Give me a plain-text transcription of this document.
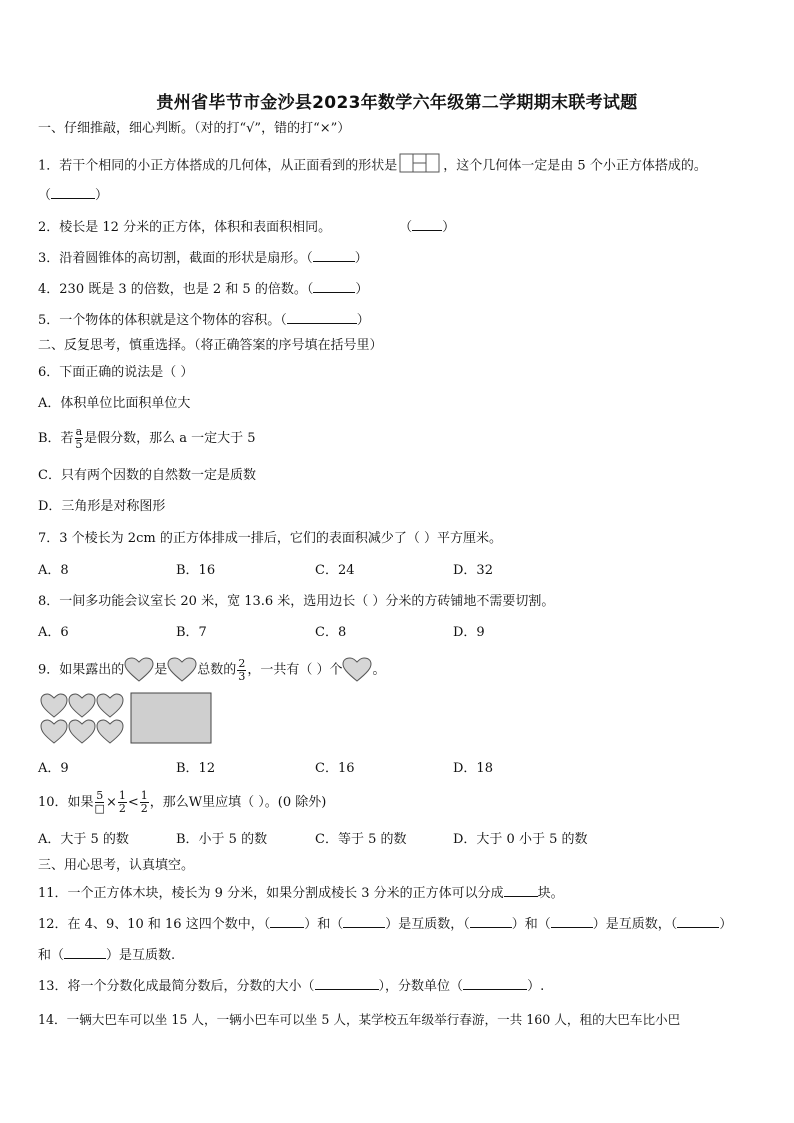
贵州省毕节市金沙县2023年数学六年级第二学期期末联考试题
一、仔细推敲，细心判断。（对的打“√”，错的打“×”）
1．若干个相同的小正方体搭成的几何体，从正面看到的形状是	，这个几何体一定是由 5 个小正方体搭成的。
（	）
2．棱长是 12 分米的正方体，体积和表面积相同。	（ ）
3．沿着圆锥体的高切割，截面的形状是扇形。（	）
4．230 既是 3 的倍数，也是 2 和 5 的倍数。（	）
5．一个物体的体积就是这个物体的容积。（	）
二、反复思考，慎重选择。（将正确答案的序号填在括号里）
6．下面正确的说法是（ ）
A．体积单位比面积单位大
B．若 $\frac{a}{5}$ 是假分数，那么 a 一定大于 5
C．只有两个因数的自然数一定是质数
D．三角形是对称图形
7．3 个棱长为 2cm 的正方体排成一排后，它们的表面积减少了（ ）平方厘米。
A．8	B．16	C．24	D．32
8．一间多功能会议室长 20 米，宽 13.6 米，选用边长（ ）分米的方砖铺地不需要切割。
A．6	B．7	C．8	D．9
9．如果露出的 是 总数的 $\frac{2}{3}$ ，一共有（ ）个 。
A．9	B．12	C．16	D．18
10．如果 $\frac{5}{□} \times \frac{1}{2} < \frac{1}{2}$ ，那么W里应填（ ）。(0 除外)
A．大于 5 的数	B．小于 5 的数	C．等于 5 的数	D．大于 0 小于 5 的数
三、用心思考，认真填空。
11．一个正方体木块，棱长为 9 分米，如果分割成棱长 3 分米的正方体可以分成	块。
12．在 4、9、10 和 16 这四个数中，（	）和（	）是互质数，（	）和（	）是互质数，（	）
和（	）是互质数.
13．将一个分数化成最简分数后，分数的大小（	），分数单位（	）.
14．一辆大巴车可以坐 15 人，一辆小巴车可以坐 5 人，某学校五年级举行春游，一共 160 人，租的大巴车比小巴
